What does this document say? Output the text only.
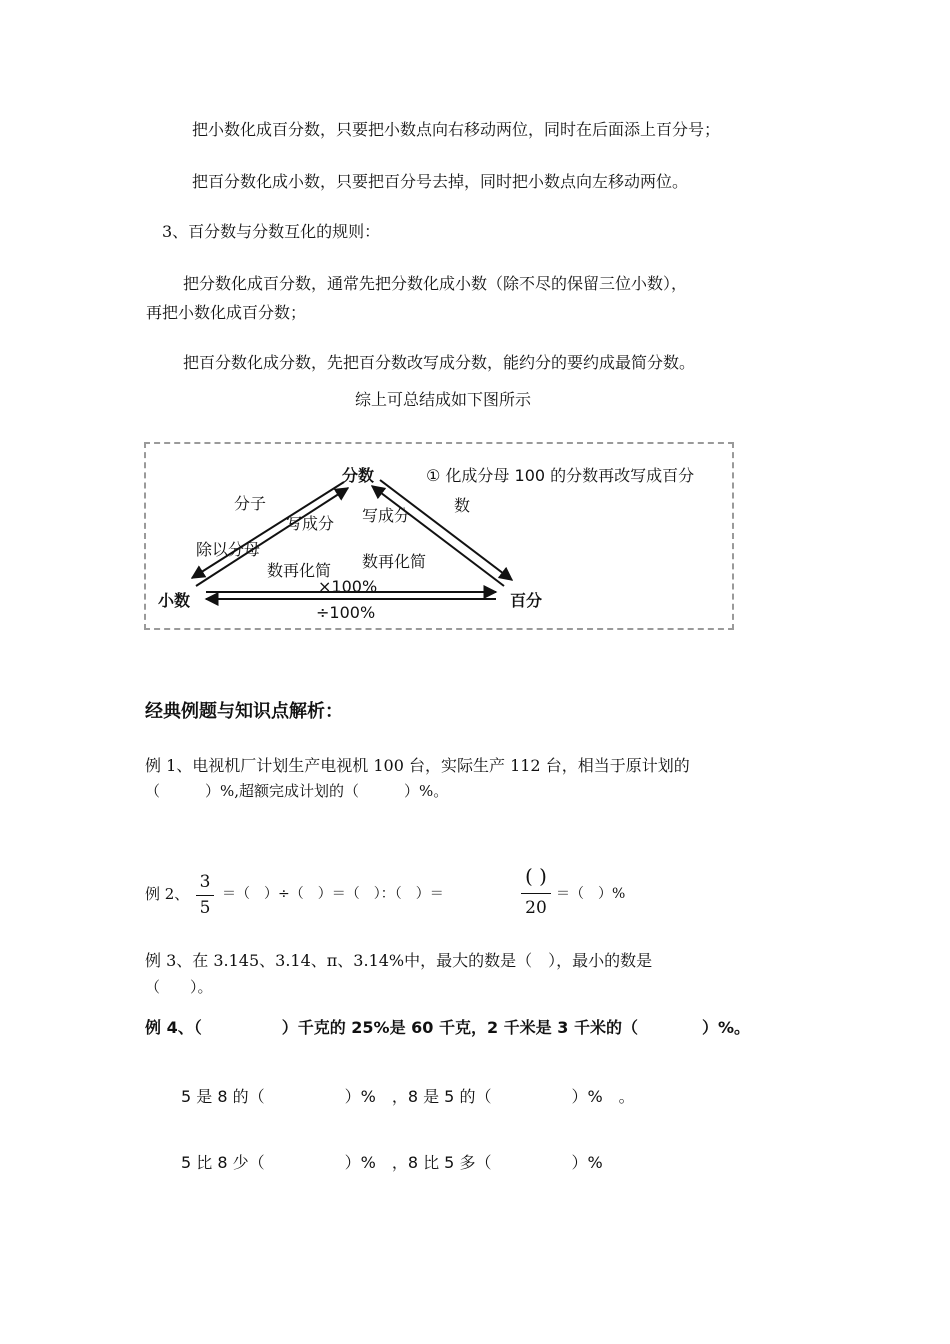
把小数化成百分数，只要把小数点向右移动两位，同时在后面添上百分号；
把百分数化成小数，只要把百分号去掉，同时把小数点向左移动两位。
3、百分数与分数互化的规则：
把分数化成百分数，通常先把分数化成小数（除不尽的保留三位小数），
再把小数化成百分数；
把百分数化成分数，先把百分数改写成分数，能约分的要约成最简分数。
综上可总结成如下图所示
分数
小数	百分
① 化成分母 100 的分数再改写成百分
数
分子
除以分母
写成分
数再化简
写成分
数再化简
×100%
÷100%
经典例题与知识点解析：
例 1、电视机厂计划生产电视机 100 台，实际生产 112 台，相当于原计划的
（　　　）%,超额完成计划的（　　　）%。
例 2、
3
5
＝（　）÷（　）＝（　）：（　）＝
( )
20
＝（　）%
例 3、在 3.145、3.14、π、3.14%中，最大的数是（　），最小的数是
（　　）。
例 4、（　　　　　）千克的 25%是 60 千克，2 千米是 3 千米的（　　　　）%。
5 是 8 的（　　　　　）%　，8 是 5 的（　　　　　）%　。
5 比 8 少（　　　　　）%　，8 比 5 多（　　　　　）%
